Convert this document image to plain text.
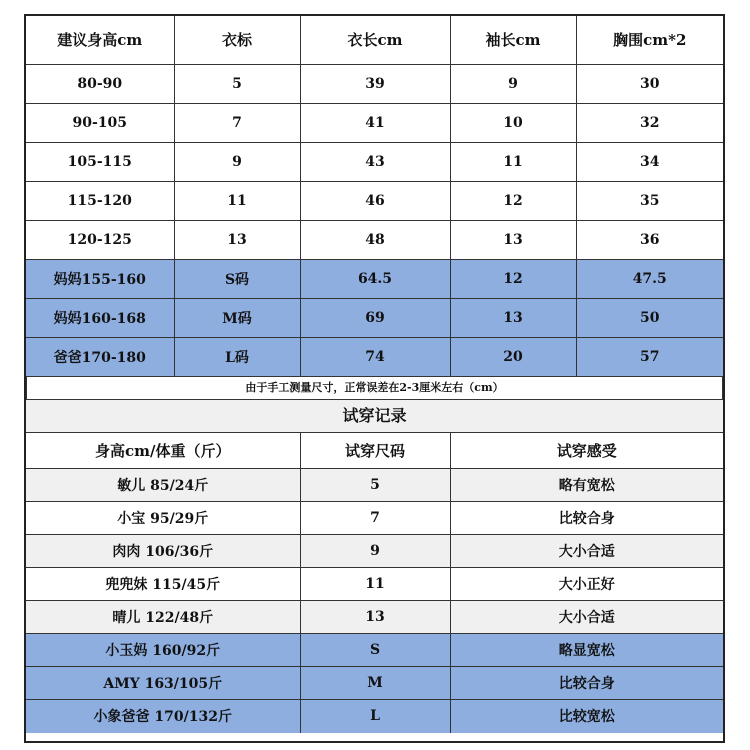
建议身高cm	衣标	衣长cm	袖长cm	胸围cm*2
80-90	5	39	9	30
90-105	7	41	10	32
105-115	9	43	11	34
115-120	11	46	12	35
120-125	13	48	13	36
妈妈155-160	S码	64.5	12	47.5
妈妈160-168	M码	69	13	50
爸爸170-180	L码	74	20	57
由于手工测量尺寸，正常误差在2-3厘米左右（cm）
试穿记录
身高cm/体重（斤）	试穿尺码	试穿感受
敏儿 85/24斤	5	略有宽松
小宝 95/29斤	7	比较合身
肉肉 106/36斤	9	大小合适
兜兜妹 115/45斤	11	大小正好
晴儿 122/48斤	13	大小合适
小玉妈 160/92斤	S	略显宽松
AMY 163/105斤	M	比较合身
小象爸爸 170/132斤	L	比较宽松
